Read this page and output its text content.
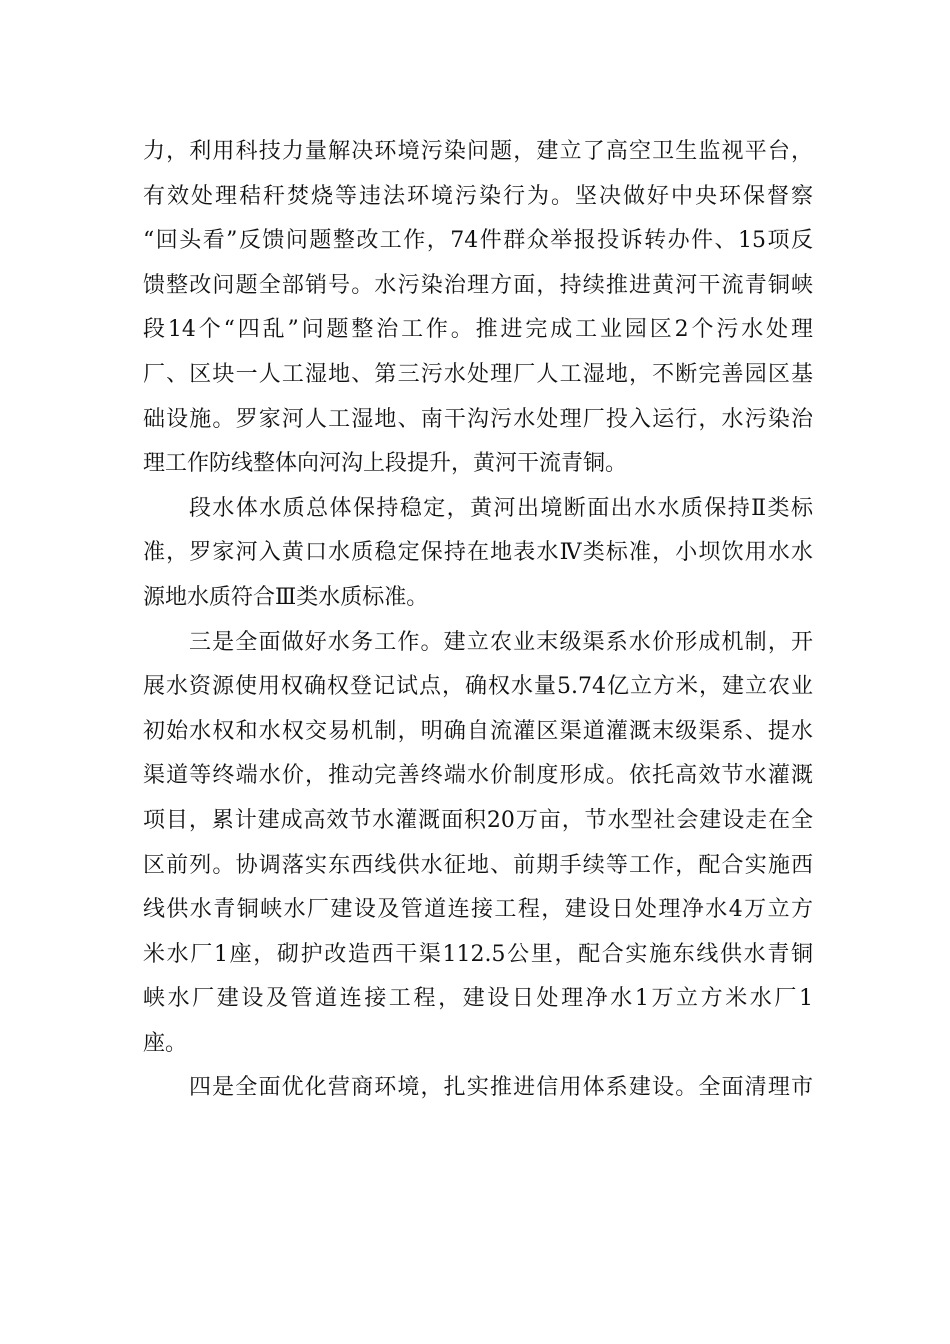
力，利用科技力量解决环境污染问题，建立了高空卫生监视平台，
有效处理秸秆焚烧等违法环境污染行为。坚决做好中央环保督察
“回头看”反馈问题整改工作，74件群众举报投诉转办件、15项反
馈整改问题全部销号。水污染治理方面，持续推进黄河干流青铜峡
段14个“四乱”问题整治工作。推进完成工业园区2个污水处理
厂、区块一人工湿地、第三污水处理厂人工湿地，不断完善园区基
础设施。罗家河人工湿地、南干沟污水处理厂投入运行，水污染治
理工作防线整体向河沟上段提升，黄河干流青铜。
段水体水质总体保持稳定，黄河出境断面出水水质保持Ⅱ类标
准，罗家河入黄口水质稳定保持在地表水Ⅳ类标准，小坝饮用水水
源地水质符合Ⅲ类水质标准。
三是全面做好水务工作。建立农业末级渠系水价形成机制，开
展水资源使用权确权登记试点，确权水量5.74亿立方米，建立农业
初始水权和水权交易机制，明确自流灌区渠道灌溉末级渠系、提水
渠道等终端水价，推动完善终端水价制度形成。依托高效节水灌溉
项目，累计建成高效节水灌溉面积20万亩，节水型社会建设走在全
区前列。协调落实东西线供水征地、前期手续等工作，配合实施西
线供水青铜峡水厂建设及管道连接工程，建设日处理净水4万立方
米水厂1座，砌护改造西干渠112.5公里，配合实施东线供水青铜
峡水厂建设及管道连接工程，建设日处理净水1万立方米水厂1
座。
四是全面优化营商环境，扎实推进信用体系建设。全面清理市
